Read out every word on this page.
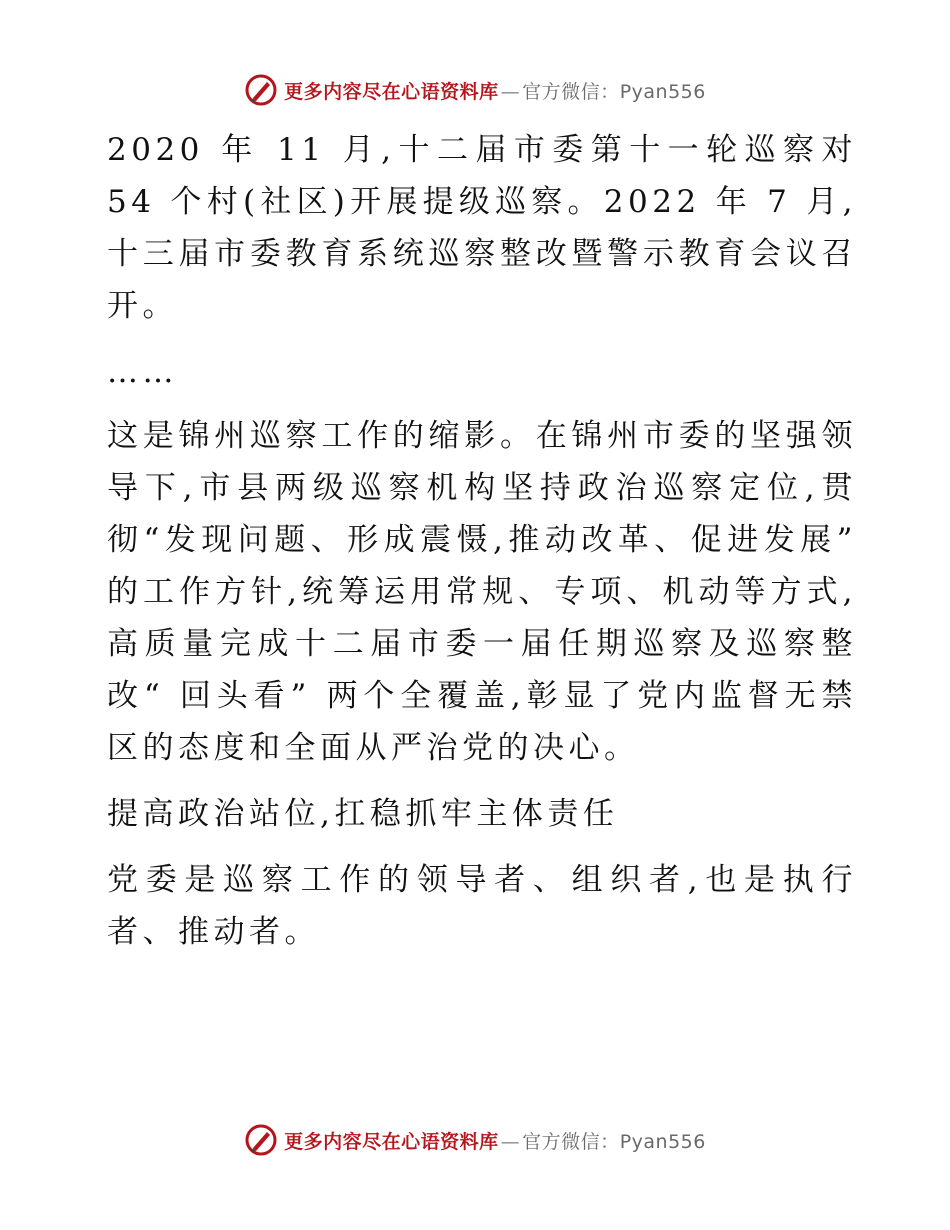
更多内容尽在心语资料库 — 官方微信： Pyan556

2020 年 11 月,十二届市委第十一轮巡察对 54 个村(社区)开展提级巡察。2022 年 7 月,十三届市委教育系统巡察整改暨警示教育会议召开。

……

这是锦州巡察工作的缩影。在锦州市委的坚强领导下,市县两级巡察机构坚持政治巡察定位,贯彻“发现问题、形成震慑,推动改革、促进发展” 的工作方针,统筹运用常规、专项、机动等方式,高质量完成十二届市委一届任期巡察及巡察整改“ 回头看” 两个全覆盖,彰显了党内监督无禁区的态度和全面从严治党的决心。

提高政治站位,扛稳抓牢主体责任

党委是巡察工作的领导者、组织者,也是执行者、推动者。

更多内容尽在心语资料库 — 官方微信： Pyan556
